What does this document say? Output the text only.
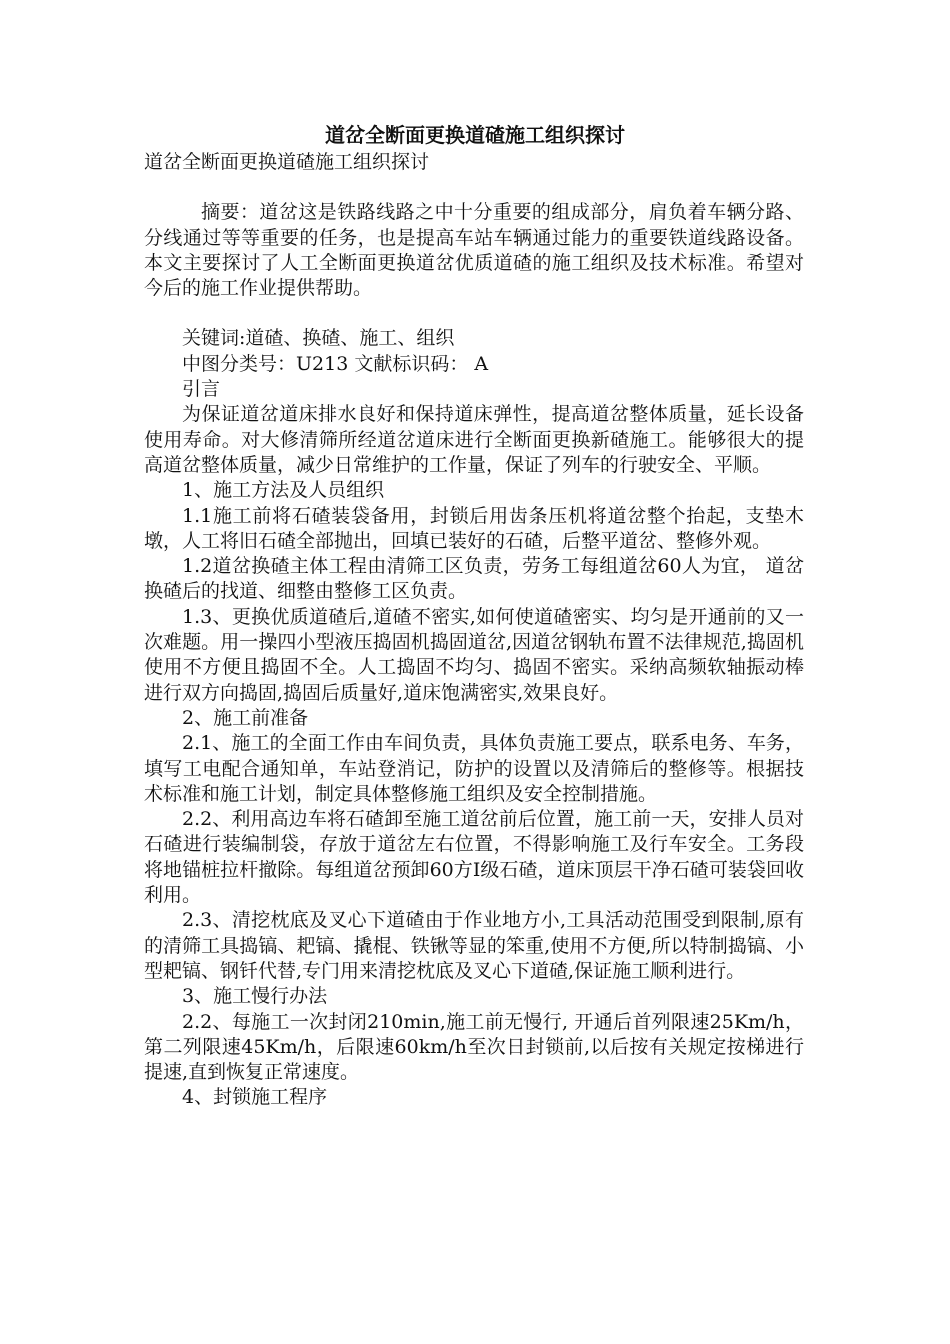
道岔全断面更换道碴施工组织探讨

道岔全断面更换道碴施工组织探讨

摘要：道岔这是铁路线路之中十分重要的组成部分，肩负着车辆分路、分线通过等等重要的任务，也是提高车站车辆通过能力的重要铁道线路设备。本文主要探讨了人工全断面更换道岔优质道碴的施工组织及技术标准。希望对今后的施工作业提供帮助。

关键词:道碴、换碴、施工、组织

中图分类号：U213 文献标识码： A

引言

为保证道岔道床排水良好和保持道床弹性，提高道岔整体质量，延长设备使用寿命。对大修清筛所经道岔道床进行全断面更换新碴施工。能够很大的提高道岔整体质量，减少日常维护的工作量，保证了列车的行驶安全、平顺。

1、施工方法及人员组织

1.1施工前将石碴装袋备用，封锁后用齿条压机将道岔整个抬起，支垫木墩，人工将旧石碴全部抛出，回填已装好的石碴，后整平道岔、整修外观。

1.2道岔换碴主体工程由清筛工区负责，劳务工每组道岔60人为宜， 道岔换碴后的找道、细整由整修工区负责。

1.3、更换优质道碴后,道碴不密实,如何使道碴密实、均匀是开通前的又一次难题。用一操四小型液压捣固机捣固道岔,因道岔钢轨布置不法律规范,捣固机使用不方便且捣固不全。人工捣固不均匀、捣固不密实。采纳高频软轴振动棒进行双方向捣固,捣固后质量好,道床饱满密实,效果良好。

2、施工前准备

2.1、施工的全面工作由车间负责，具体负责施工要点，联系电务、车务，填写工电配合通知单，车站登消记，防护的设置以及清筛后的整修等。根据技术标准和施工计划，制定具体整修施工组织及安全控制措施。

2.2、利用高边车将石碴卸至施工道岔前后位置，施工前一天，安排人员对石碴进行装编制袋，存放于道岔左右位置，不得影响施工及行车安全。工务段将地锚桩拉杆撤除。每组道岔预卸60方Ⅰ级石碴，道床顶层干净石碴可装袋回收利用。

2.3、清挖枕底及叉心下道碴由于作业地方小,工具活动范围受到限制,原有的清筛工具捣镐、耙镐、撬棍、铁锹等显的笨重,使用不方便,所以特制捣镐、小型耙镐、钢钎代替,专门用来清挖枕底及叉心下道碴,保证施工顺利进行。

3、施工慢行办法

2.2、每施工一次封闭210min,施工前无慢行, 开通后首列限速25Km/h，第二列限速45Km/h，后限速60km/h至次日封锁前,以后按有关规定按梯进行提速,直到恢复正常速度。

4、封锁施工程序
